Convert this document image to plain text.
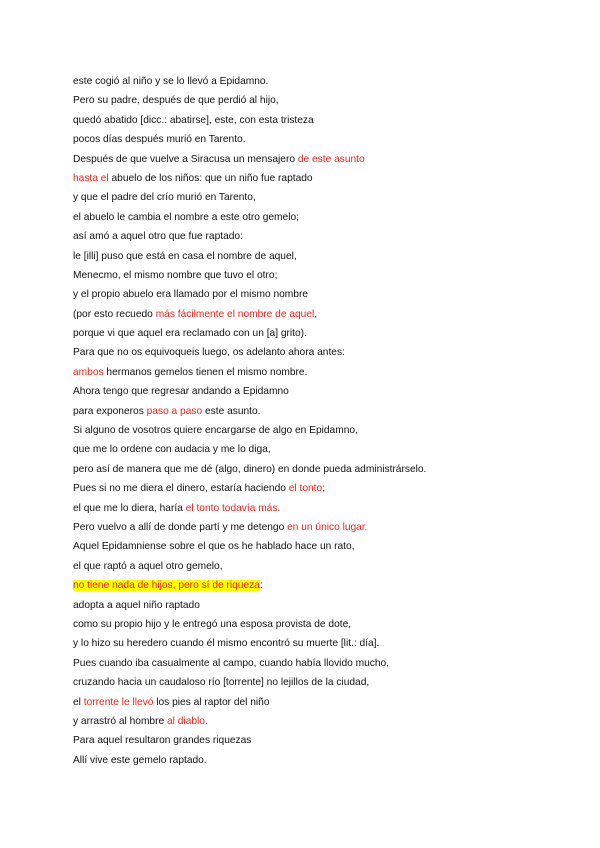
este cogió al niño y se lo llevó a Epidamno.
Pero su padre, después de que perdió al hijo,
quedó abatido [dicc.: abatirse], este, con esta tristeza
pocos días después murió en Tarento.
Después de que vuelve a Siracusa un mensajero de este asunto
hasta el abuelo de los niños: que un niño fue raptado
y que el padre del crío murió en Tarento,
el abuelo le cambia el nombre a este otro gemelo;
así amó a aquel otro que fue raptado:
le [illi] puso que está en casa el nombre de aquel,
Menecmo, el mismo nombre que tuvo el otro;
y el propio abuelo era llamado por el mismo nombre
(por esto recuedo más fácilmente el nombre de aquel,
porque vi que aquel era reclamado con un [a] grito).
Para que no os equivoqueis luego, os adelanto ahora antes:
ambos hermanos gemelos tienen el mismo nombre.
Ahora tengo que regresar andando a Epidamno
para exponeros paso a paso este asunto.
Si alguno de vosotros quiere encargarse de algo en Epidamno,
que me lo ordene con audacia y me lo diga,
pero así de manera que me dé (algo, dinero) en donde pueda administrárselo.
Pues si no me diera el dinero, estaría haciendo el tonto;
el que me lo diera, haría el tonto todavía más.
Pero vuelvo a allí de donde partí y me detengo en un único lugar.
Aquel Epidamniense sobre el que os he hablado hace un rato,
el que raptó a aquel otro gemelo,
no tiene nada de hijos, pero sí de riqueza:
adopta a aquel niño raptado
como su propio hijo y le entregó una esposa provista de dote,
y lo hizo su heredero cuando él mismo encontró su muerte [lit.: día].
Pues cuando iba casualmente al campo, cuando había llovido mucho,
cruzando hacia un caudaloso río [torrente] no lejillos de la ciudad,
el torrente le llevó los pies al raptor del niño
y arrastró al hombre al diablo.
Para aquel resultaron grandes riquezas
Allí vive este gemelo raptado.
